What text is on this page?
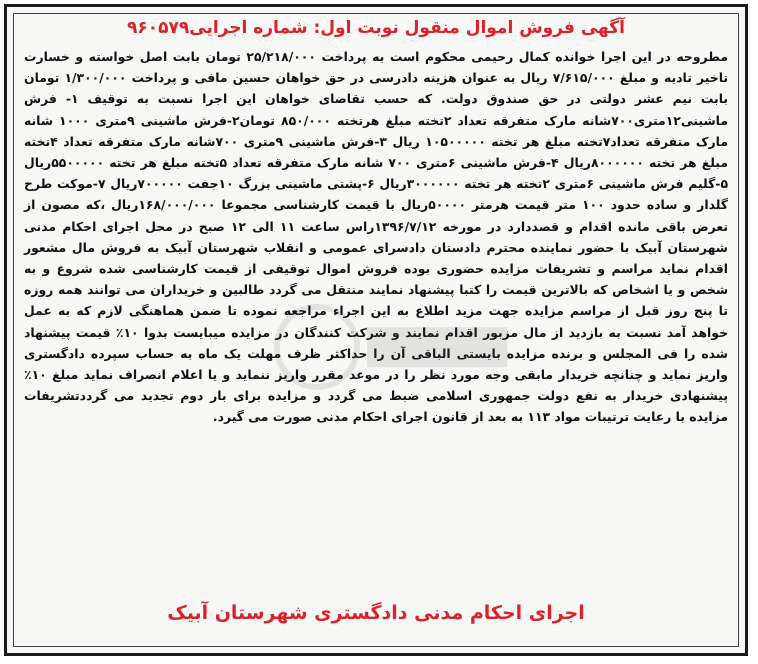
آگهی فروش اموال منقول نوبت اول: شماره اجرایی۹۶۰۵۷۹
مطروحه در این اجرا خوانده کمال رحیمی محکوم است به پرداخت ۲۵/۲۱۸/۰۰۰ تومان بابت اصل خواسته و خسارت تاخیر تادیه و مبلغ ۷/۶۱۵/۰۰۰ ریال به عنوان هزینه دادرسی در حق خواهان حسین مافی و پرداخت ۱/۳۰۰/۰۰۰ تومان بابت نیم عشر دولتی در حق صندوق دولت. که حسب تقاضای خواهان این اجرا نسبت به توقیف ۱- فرش ماشینی۱۲متری۷۰۰شانه مارک متفرقه تعداد ۲تخته مبلغ هرتخته ۸۵۰/۰۰۰ تومان۲-فرش ماشینی ۹متری ۱۰۰۰ شانه مارک متفرقه تعداد۷تخته مبلغ هر تخته ۱۰۵۰۰۰۰۰ ریال ۳-فرش ماشینی ۹متری ۷۰۰شانه مارک متفرقه تعداد ۴تخته مبلغ هر تخته ۸۰۰۰۰۰۰ریال ۴-فرش ماشینی ۶متری ۷۰۰ شانه مارک متفرقه تعداد ۵تخته مبلغ هر تخته ۵۵۰۰۰۰۰ریال ۵-گلیم فرش ماشینی ۶متری ۲تخته هر تخته ۳۰۰۰۰۰۰ریال ۶-پشتی ماشینی بزرگ ۱۰جفت ۷۰۰۰۰۰ریال ۷-موکت طرح گلدار و ساده حدود ۱۰۰ متر قیمت هرمتر ۵۰۰۰۰ریال با قیمت کارشناسی مجموعا ۱۶۸/۰۰۰/۰۰۰ریال ،که مصون از تعرض باقی مانده اقدام و قصددارد در مورخه ۱۳۹۶/۷/۱۲راس ساعت ۱۱ الی ۱۲ صبح در محل اجرای احکام مدنی شهرستان آبیک با حضور نماینده محترم دادستان دادسرای عمومی و انقلاب شهرستان آبیک به فروش مال مشعور اقدام نماید مراسم و تشریفات مزایده حضوری بوده فروش اموال توقیفی از قیمت کارشناسی شده شروع و به شخص و یا اشخاص که بالاترین قیمت را کتبا پیشنهاد نمایند منتقل می گردد طالبین و خریداران می توانند همه روزه تا پنج روز قبل از مراسم مزایده جهت مزید اطلاع به این اجراء مراجعه نموده تا ضمن هماهنگی لازم که به عمل خواهد آمد نسبت به بازدید از مال مزبور اقدام نمایند و شرکت کنندگان در مزایده میبایست بدوا ۱۰٪ قیمت پیشنهاد شده را فی المجلس و برنده مزایده بایستی الباقی آن را حداکثر ظرف مهلت یک ماه به حساب سپرده دادگستری واریز نماید و چنانچه خریدار مابقی وجه مورد نظر را در موعد مقرر واریز ننماید و یا اعلام انصراف نماید مبلغ ۱۰٪ پیشنهادی خریدار به نفع دولت جمهوری اسلامی ضبط می گردد و مزایده برای بار دوم تجدید می گرددتشریفات مزایده با رعایت ترتیبات مواد ۱۱۳ به بعد از قانون اجرای احکام مدنی صورت می گیرد.
اجرای احکام مدنی دادگستری شهرستان آبیک
